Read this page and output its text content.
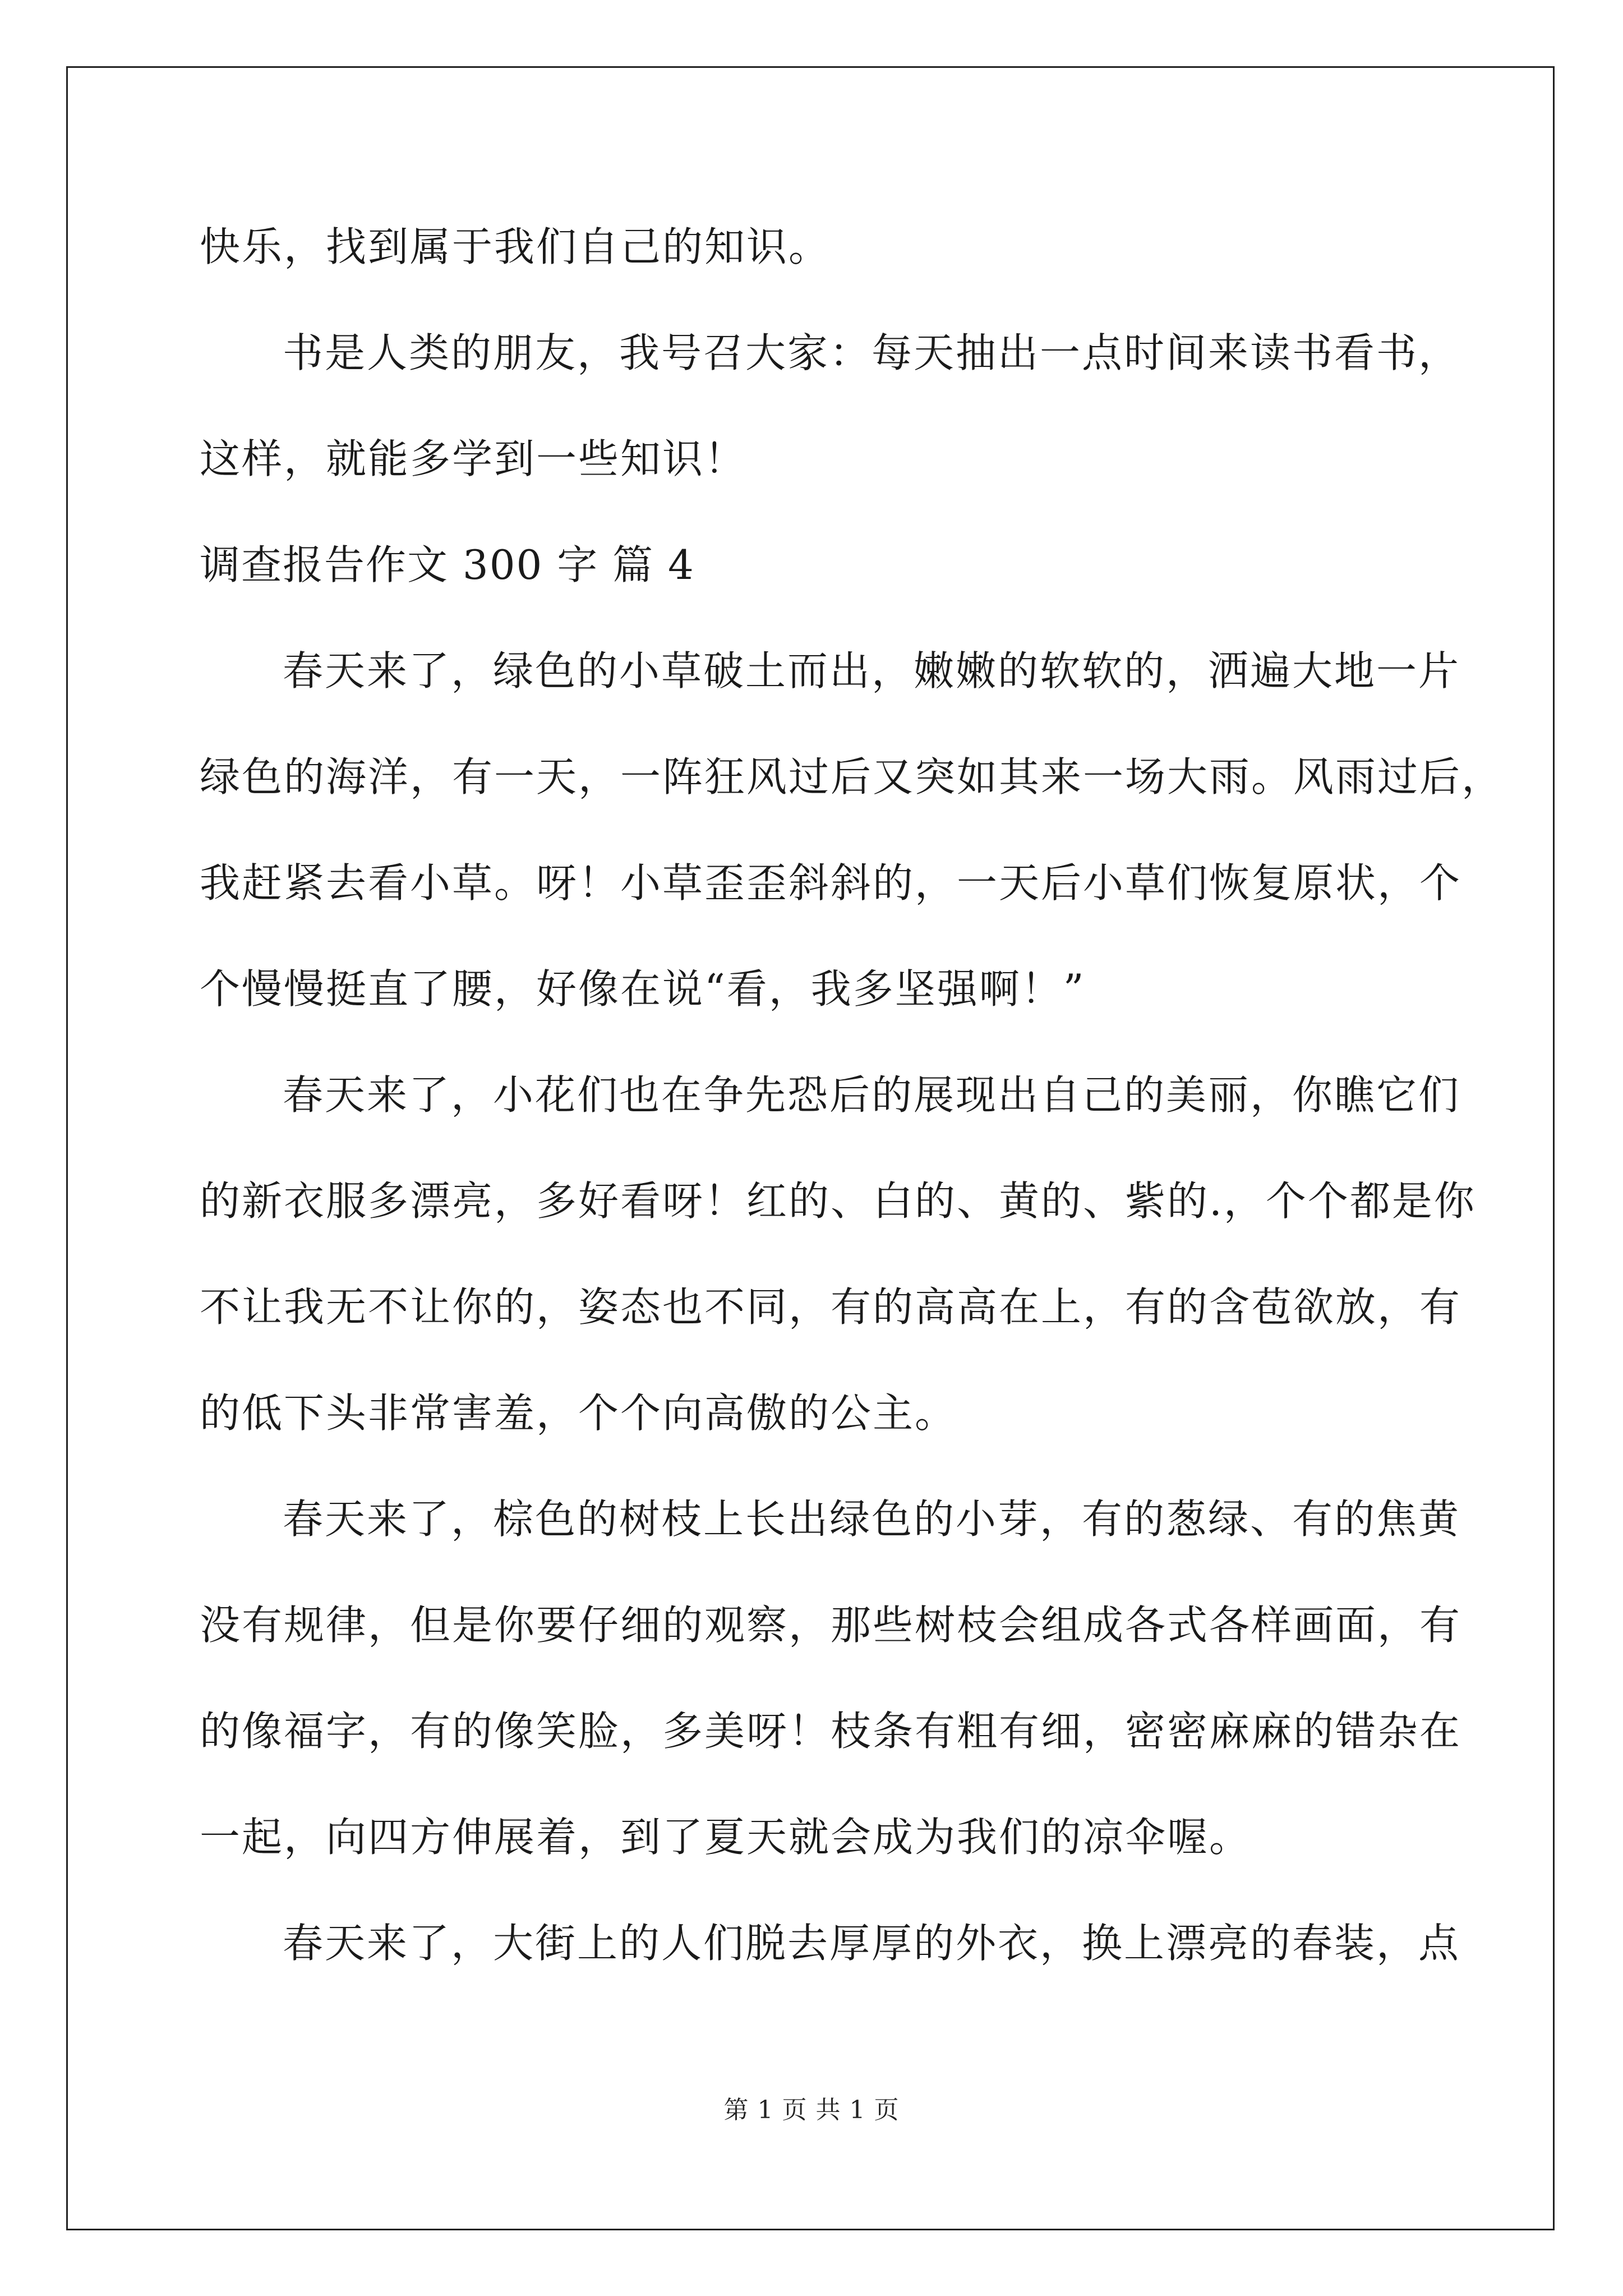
快乐，找到属于我们自己的知识。
书是人类的朋友，我号召大家：每天抽出一点时间来读书看书，
这样，就能多学到一些知识！
调查报告作文 300 字 篇 4
春天来了，绿色的小草破土而出，嫩嫩的软软的，洒遍大地一片
绿色的海洋，有一天，一阵狂风过后又突如其来一场大雨。风雨过后，
我赶紧去看小草。呀！小草歪歪斜斜的，一天后小草们恢复原状，个
个慢慢挺直了腰，好像在说“看，我多坚强啊！”
春天来了，小花们也在争先恐后的展现出自己的美丽，你瞧它们
的新衣服多漂亮，多好看呀！红的、白的、黄的、紫的.，个个都是你
不让我无不让你的，姿态也不同，有的高高在上，有的含苞欲放，有
的低下头非常害羞，个个向高傲的公主。
春天来了，棕色的树枝上长出绿色的小芽，有的葱绿、有的焦黄
没有规律，但是你要仔细的观察，那些树枝会组成各式各样画面，有
的像福字，有的像笑脸，多美呀！枝条有粗有细，密密麻麻的错杂在
一起，向四方伸展着，到了夏天就会成为我们的凉伞喔。
春天来了，大街上的人们脱去厚厚的外衣，换上漂亮的春装，点
第 1 页 共 1 页
